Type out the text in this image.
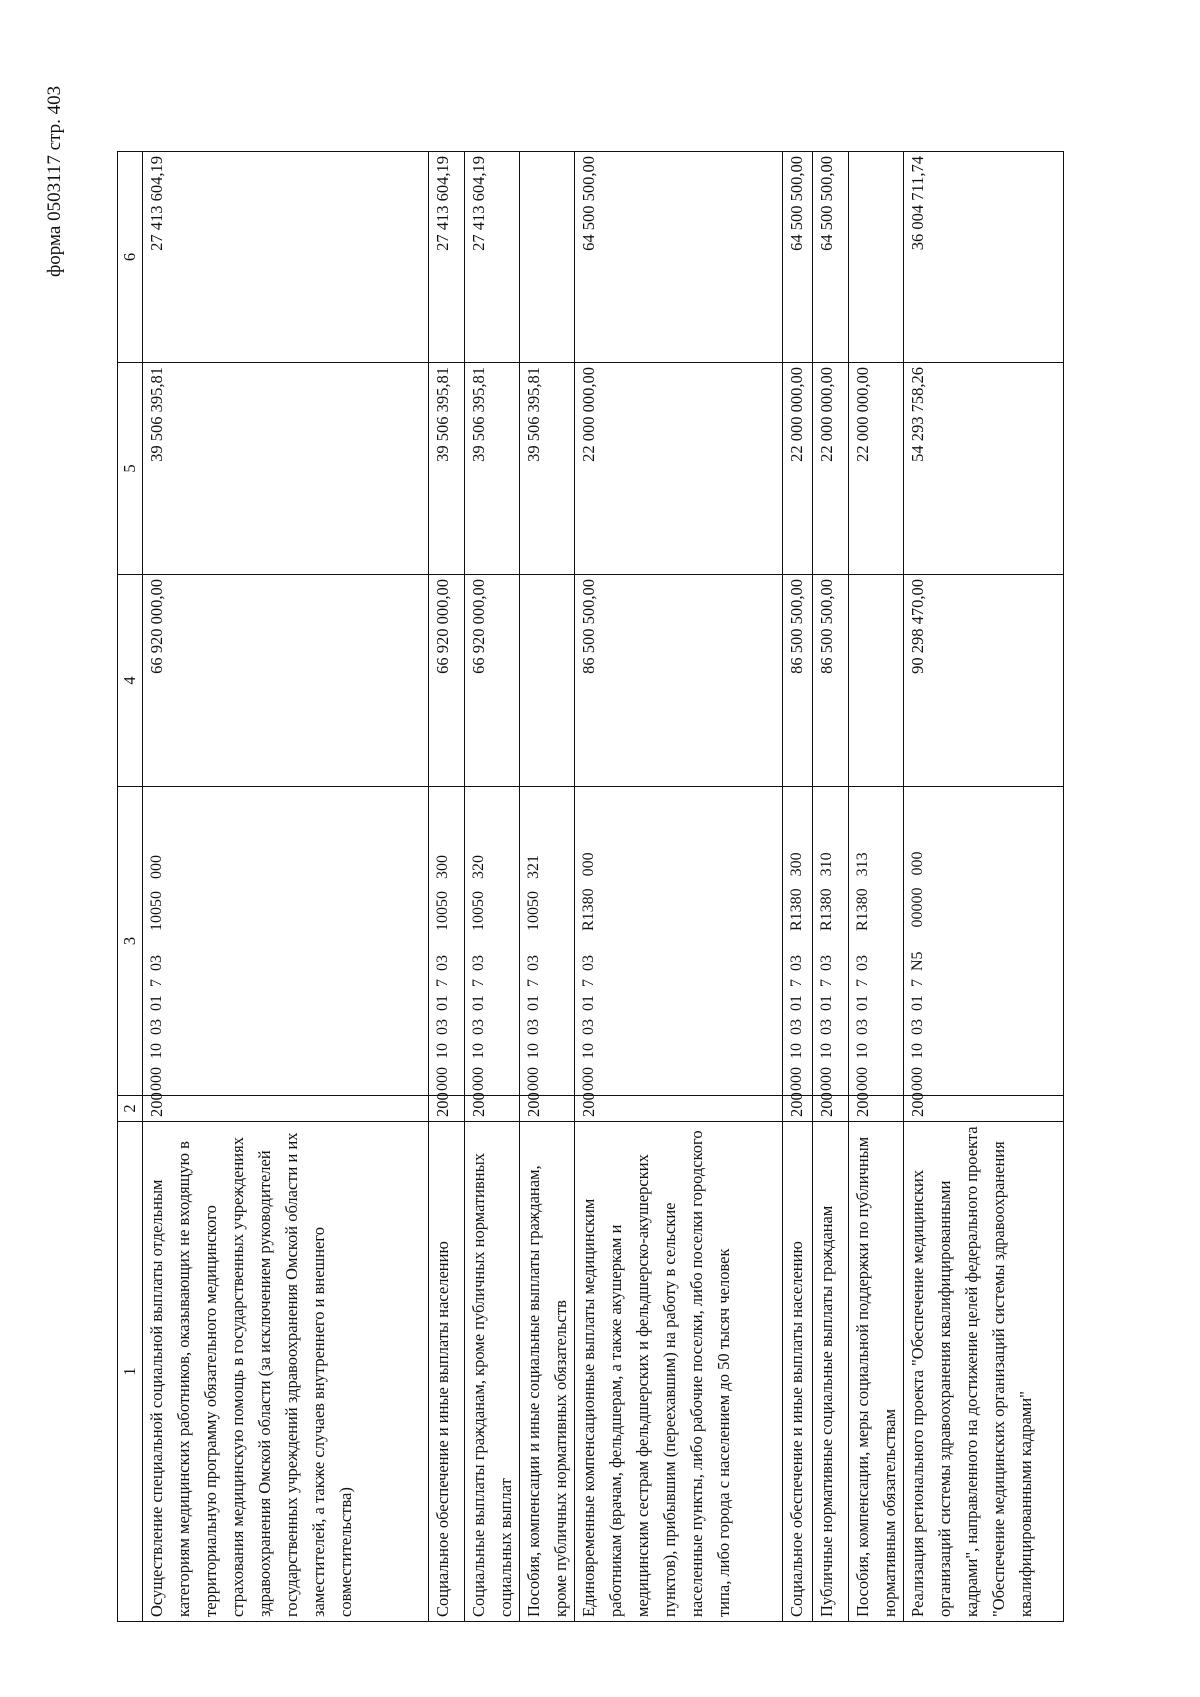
форма 0503117 стр. 403
1	2	3	4	5	6
Осуществление специальной социальной выплаты отдельным категориям медицинских работников, оказывающих не входящую в территориальную программу обязательного медицинского страхования медицинскую помощь в государственных учреждениях здравоохранения Омской области (за исключением руководителей государственных учреждений здравоохранения Омской области и их заместителей, а также случаев внутреннего и внешнего совместительства)	200	000  10  03  01  7  03      10050   000	66 920 000,00	39 506 395,81	27 413 604,19
Социальное обеспечение и иные выплаты населению	200	000  10  03  01  7  03      10050   300	66 920 000,00	39 506 395,81	27 413 604,19
Социальные выплаты гражданам, кроме публичных нормативных социальных выплат	200	000  10  03  01  7  03      10050   320	66 920 000,00	39 506 395,81	27 413 604,19
Пособия, компенсации и иные социальные выплаты гражданам, кроме публичных нормативных обязательств	200	000  10  03  01  7  03      10050   321		39 506 395,81	
Единовременные компенсационные выплаты медицинским работникам (врачам, фельдшерам, а также акушеркам и медицинским сестрам фельдшерских и фельдшерско-акушерских пунктов), прибывшим (переехавшим) на работу в сельские населенные пункты, либо рабочие поселки, либо поселки городского типа, либо города с населением до 50 тысяч человек	200	000  10  03  01  7  03      R1380   000	86 500 500,00	22 000 000,00	64 500 500,00
Социальное обеспечение и иные выплаты населению	200	000  10  03  01  7  03      R1380   300	86 500 500,00	22 000 000,00	64 500 500,00
Публичные нормативные социальные выплаты гражданам	200	000  10  03  01  7  03      R1380   310	86 500 500,00	22 000 000,00	64 500 500,00
Пособия, компенсации, меры социальной поддержки по публичным нормативным обязательствам	200	000  10  03  01  7  03      R1380   313		22 000 000,00	
Реализация регионального проекта "Обеспечение медицинских организаций системы здравоохранения квалифицированными кадрами", направленного на достижение целей федерального проекта "Обеспечение медицинских организаций системы здравоохранения квалифицированными кадрами"	200	000  10  03  01  7  N5      00000   000	90 298 470,00	54 293 758,26	36 004 711,74
